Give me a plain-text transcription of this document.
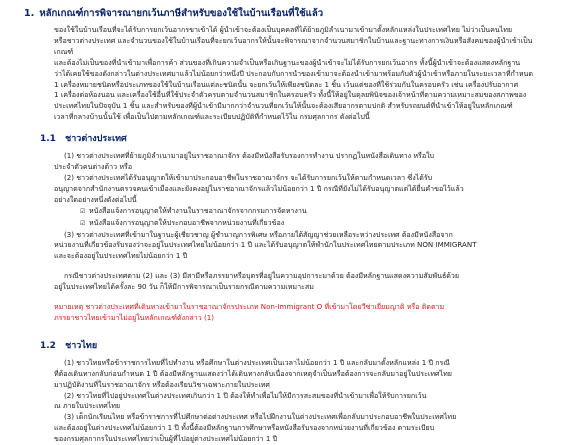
1. หลักเกณฑ์การพิจารณายกเว้นภาษีสำหรับของใช้ในบ้านเรือนที่ใช้แล้ว

ของใช้ในบ้านเรือนที่จะได้รับการยกเว้นอากรขาเข้าได้ ผู้นำเข้าจะต้องเป็นบุคคลที่ได้ย้ายภูมิลำเนามาเข้ามาตั้งหลักแหล่งในประเทศไทย ไม่ว่าเป็นคนไทย
หรือชาวต่างประเทศ และจำนวนของใช้ในบ้านเรือนที่จะยกเว้นอากรให้นั้นจะพิจารณาจากจำนวนสมาชิกในบ้านและฐานะทางการเงินหรือสังคมของผู้นำเข้าเป็นเกณฑ์
และต้องไม่เป็นของที่นำเข้ามาเพื่อการค้า ส่วนของที่เกินความจำเป็นหรือเกินฐานะของผู้นำเข้าจะไม่ได้รับการยกเว้นอากร ทั้งนี้ผู้นำเข้าจะต้องแสดงหลักฐาน
ว่าได้เคยใช้ของดังกล่าวในต่างประเทศมาแล้วไม่น้อยกว่าหนึ่งปี ประกอบกับการนำของเข้ามาจะต้องนำเข้ามาพร้อมกับตัวผู้นำเข้าหรือภายในระยะเวลาที่กำหนด
1 เครื่องหมายชนิดหรือประเภทของใช้ในบ้านเรือนแต่ละชนิดนั้น จะยกเว้นให้เพียงชนิดละ 1 ชิ้น เว้นแต่ของที่ใช้ร่วมกันในครอบครัว เช่น เครื่องปรับอากาศ
1 เครื่องต่อห้องนอน และเครื่องใช้อื่นที่ใช้ประจำตัวครบตามจำนวนสมาชิกในครอบครัว ทั้งนี้ให้อยู่ในดุลยพินิจของเจ้าหน้าที่ตามความเหมาะสมของสภาพของ
ประเทศไทยในปัจจุบัน 1 ชิ้น และสำหรับของที่ผู้นำเข้ามีมากกว่าจำนวนที่ยกเว้นให้นั้นจะต้องเสียอากรตามปกติ สำหรับรถยนต์ที่นำเข้าให้อยู่ในหลักเกณฑ์
เวลาที่กลางบ้านนั้นใช้ เพื่อเป็นไปตามหลักเกณฑ์และระเบียบปฏิบัติที่กำหนดไว้ใน กรมศุลกากร ดังต่อไปนี้

1.1 ชาวต่างประเทศ
(1) ชาวต่างประเทศที่ย้ายภูมิลำเนามาอยู่ในราชอาณาจักร ต้องมีหนังสือรับรองการทำงาน ปรากฏในหนังสือเดินทาง หรือใบ
ประจำตัวคนต่างด้าว หรือ
(2) ชาวต่างประเทศได้รับอนุญาตให้เข้ามาประกอบอาชีพในราชอาณาจักร จะได้รับการยกเว้นให้ตามกำหนดเวลา ซึ่งได้รับ
อนุญาตจากสำนักงานตรวจคนเข้าเมืองและยังคงอยู่ในราชอาณาจักรแล้วไม่น้อยกว่า 1 ปี กรณีที่ยังไม่ได้รับอนุญาตแต่ได้ยื่นคำขอไว้แล้ว
อย่างใดอย่างหนึ่งดังต่อไปนี้
☑ หนังสือแจ้งการอนุญาตให้ทำงานในราชอาณาจักรจากกรมการจัดหางาน
☑ หนังสือแจ้งการอนุญาตให้ประกอบอาชีพจากหน่วยงานที่เกี่ยวข้อง
(3) ชาวต่างประเทศที่เข้ามาในฐานะผู้เชี่ยวชาญ ผู้ชำนาญการพิเศษ หรือภายใต้สัญญาช่วยเหลือระหว่างประเทศ ต้องมีหนังสือจาก
หน่วยงานที่เกี่ยวข้องรับรองว่าจะอยู่ในประเทศไทยไม่น้อยกว่า 1 ปี และได้รับอนุญาตให้พำนักในประเทศไทยตามประเภท NON IMMIGRANT
และจะต้องอยู่ในประเทศไทยไม่น้อยกว่า 1 ปี
กรณีชาวต่างประเทศตาม (2) และ (3) มีสามีหรือภรรยาหรือบุตรที่อยู่ในความอุปการะมาด้วย ต้องมีหลักฐานแสดงความสัมพันธ์ด้วย
อยู่ในประเทศไทยได้ครั้งละ 90 วัน ก็ให้มีการพิจารณาเป็นรายกรณีตามความเหมาะสม
หมายเหตุ ชาวต่างประเทศที่เดินทางเข้ามาในราชอาณาจักรประเภท Non-Immigrant O ที่เข้ามาโดยวีซ่าเยี่ยมญาติ หรือ ติดตาม
ภรรยาชาวไทยเข้ามาไม่อยู่ในหลักเกณฑ์ดังกล่าว (1)
1.2 ชาวไทย
(1) ชาวไทยหรือข้าราชการไทยที่ไปทำงาน หรือศึกษาในต่างประเทศเป็นเวลาไม่น้อยกว่า 1 ปี และกลับมาตั้งหลักแหล่ง 1 ปี กรณี
ที่ต้องเดินทางกลับก่อนกำหนด 1 ปี ต้องมีหลักฐานแสดงว่าได้เดินทางกลับเนื่องจากเหตุจำเป็นหรือต้องการจะกลับมาอยู่ในประเทศไทย
มาปฏิบัติงานที่ในราชอาณาจักร หรือต้องเรียนวิชาเฉพาะภายในประเทศ
(2) ชาวไทยที่ไปอยู่ประเทศในต่างประเทศเกินกว่า 1 ปี ต้องให้ทำเพื่อไม่ให้มีการสะสมของที่นำเข้ามาเพื่อให้รับการยกเว้น
ณ ภายในประเทศไทย
(3) เด็กนักเรียนไทย หรือข้าราชการที่ไปศึกษาต่อต่างประเทศ หรือไปฝึกงานในต่างประเทศเพื่อกลับมาประกอบอาชีพในประเทศไทย
และต้องอยู่ในต่างประเทศไม่น้อยกว่า 1 ปี ทั้งนี้ต้องมีหลักฐานการศึกษาหรือหนังสือรับรองจากหน่วยงานที่เกี่ยวข้อง ตามระเบียบ
ของกรมศุลกากรในประเทศไทยว่าเป็นผู้ที่ไปอยู่ต่างประเทศไม่น้อยกว่า 1 ปี
